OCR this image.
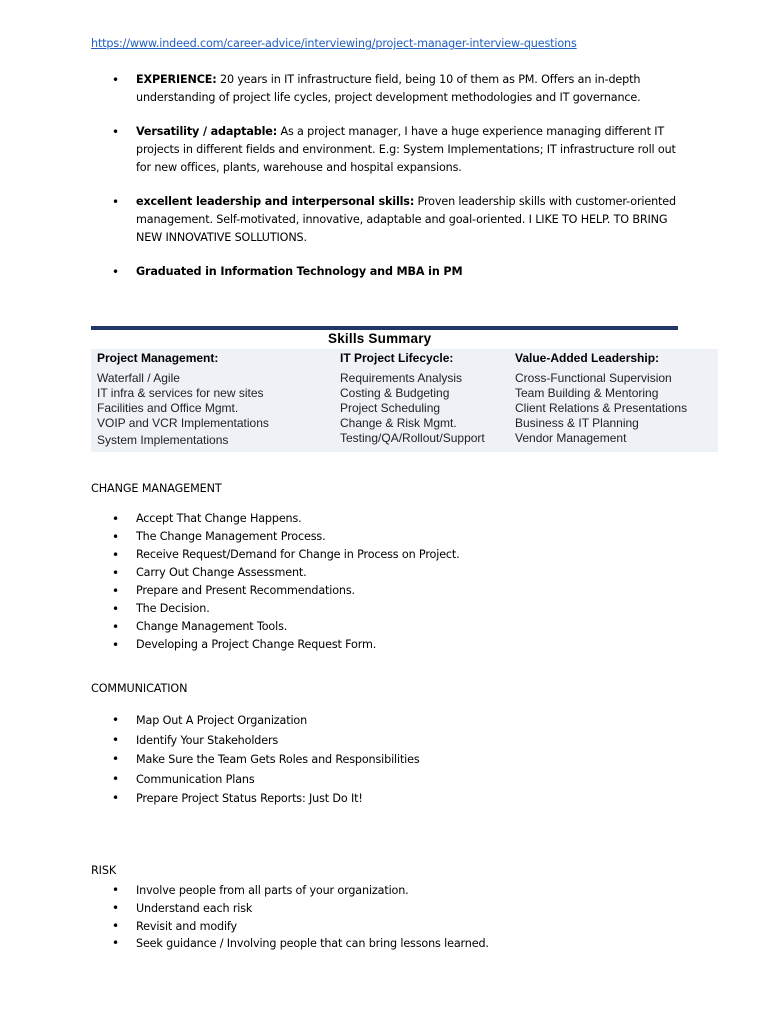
https://www.indeed.com/career-advice/interviewing/project-manager-interview-questions
• EXPERIENCE: 20 years in IT infrastructure field, being 10 of them as PM. Offers an in-depth understanding of project life cycles, project development methodologies and IT governance.
• Versatility / adaptable: As a project manager, I have a huge experience managing different IT projects in different fields and environment. E.g: System Implementations; IT infrastructure roll out for new offices, plants, warehouse and hospital expansions.
• excellent leadership and interpersonal skills: Proven leadership skills with customer-oriented management. Self-motivated, innovative, adaptable and goal-oriented. I LIKE TO HELP. TO BRING NEW INNOVATIVE SOLLUTIONS.
• Graduated in Information Technology and MBA in PM
Skills Summary
Project Management:
Waterfall / Agile
IT infra & services for new sites
Facilities and Office Mgmt.
VOIP and VCR Implementations
System Implementations
IT Project Lifecycle:
Requirements Analysis
Costing & Budgeting
Project Scheduling
Change & Risk Mgmt.
Testing/QA/Rollout/Support
Value-Added Leadership:
Cross-Functional Supervision
Team Building & Mentoring
Client Relations & Presentations
Business & IT Planning
Vendor Management
CHANGE MANAGEMENT
• Accept That Change Happens.
• The Change Management Process.
• Receive Request/Demand for Change in Process on Project.
• Carry Out Change Assessment.
• Prepare and Present Recommendations.
• The Decision.
• Change Management Tools.
• Developing a Project Change Request Form.
COMMUNICATION
• Map Out A Project Organization
• Identify Your Stakeholders
• Make Sure the Team Gets Roles and Responsibilities
• Communication Plans
• Prepare Project Status Reports: Just Do It!
RISK
• Involve people from all parts of your organization.
• Understand each risk
• Revisit and modify
• Seek guidance / Involving people that can bring lessons learned.
